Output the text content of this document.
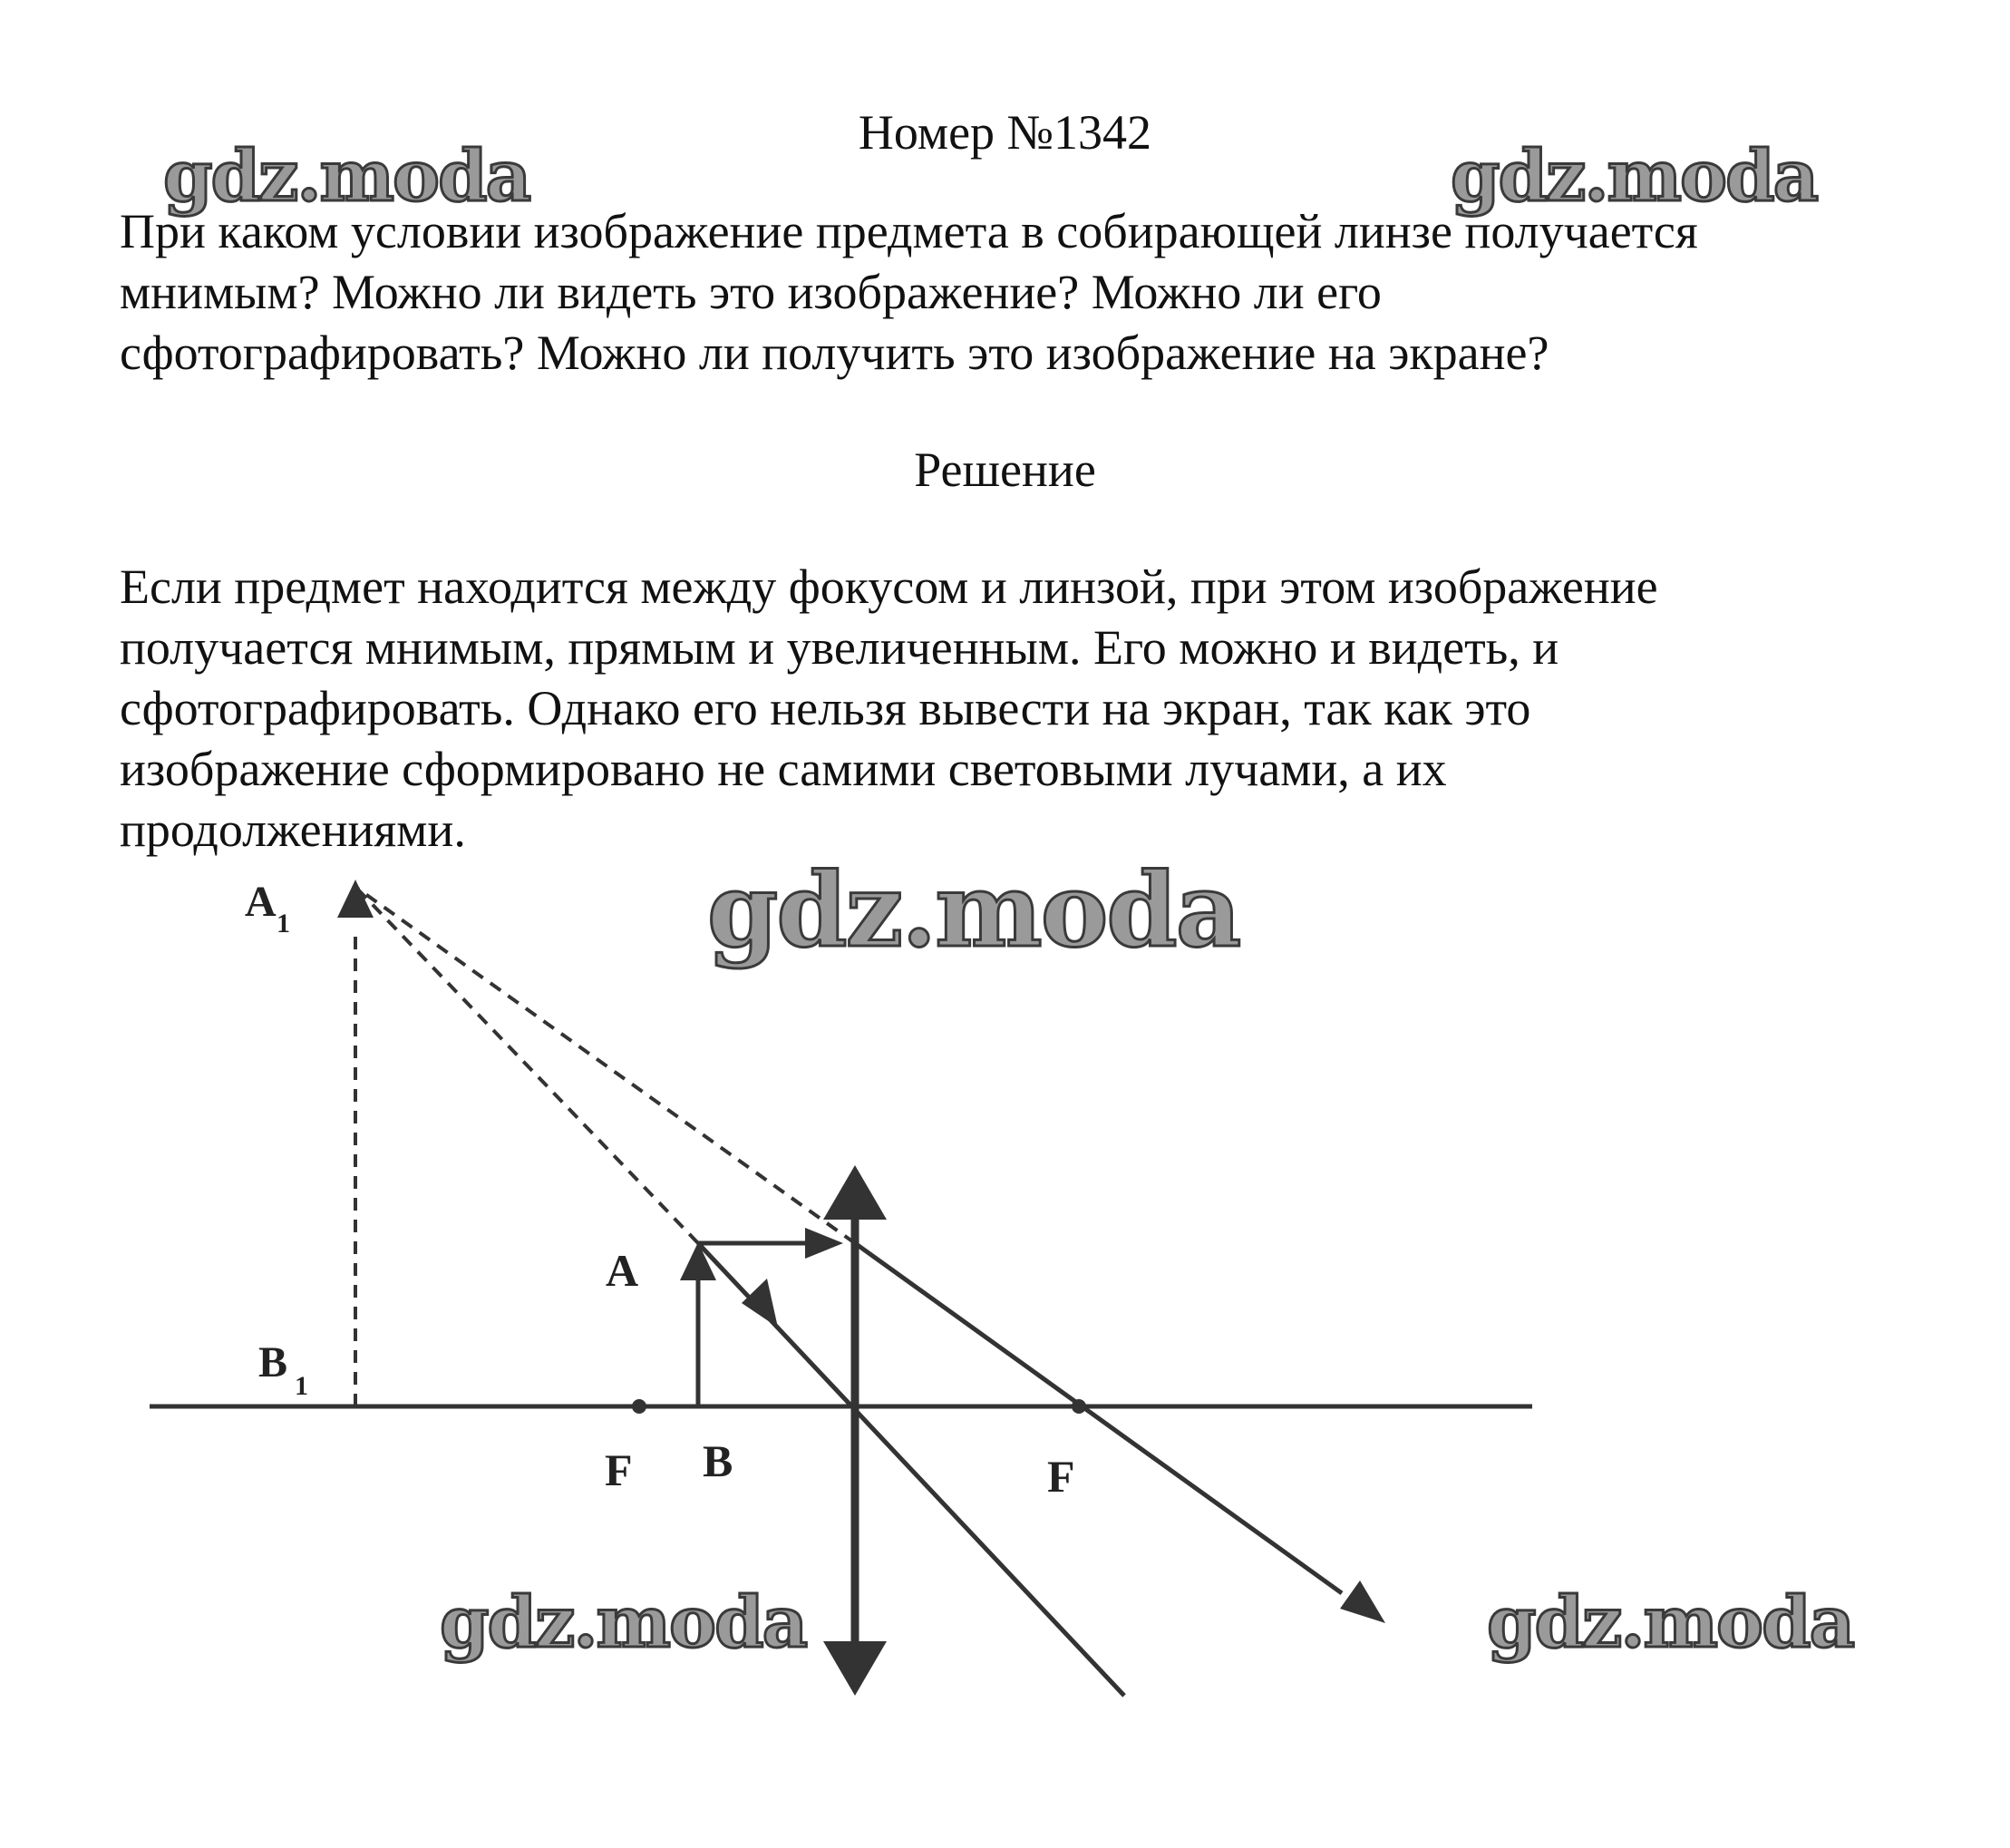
Номер №1342
При каком условии изображение предмета в собирающей линзе получается
мнимым? Можно ли видеть это изображение? Можно ли его
сфотографировать? Можно ли получить это изображение на экране?
Решение
Если предмет находится между фокусом и линзой, при этом изображение
получается мнимым, прямым и увеличенным. Его можно и видеть, и
сфотографировать. Однако его нельзя вывести на экран, так как это
изображение сформировано не самими световыми лучами, а их
продолжениями.
A 1
B 1
A
B
F	F
gdz.moda	gdz.moda
gdz.moda
gdz.moda	gdz.moda
